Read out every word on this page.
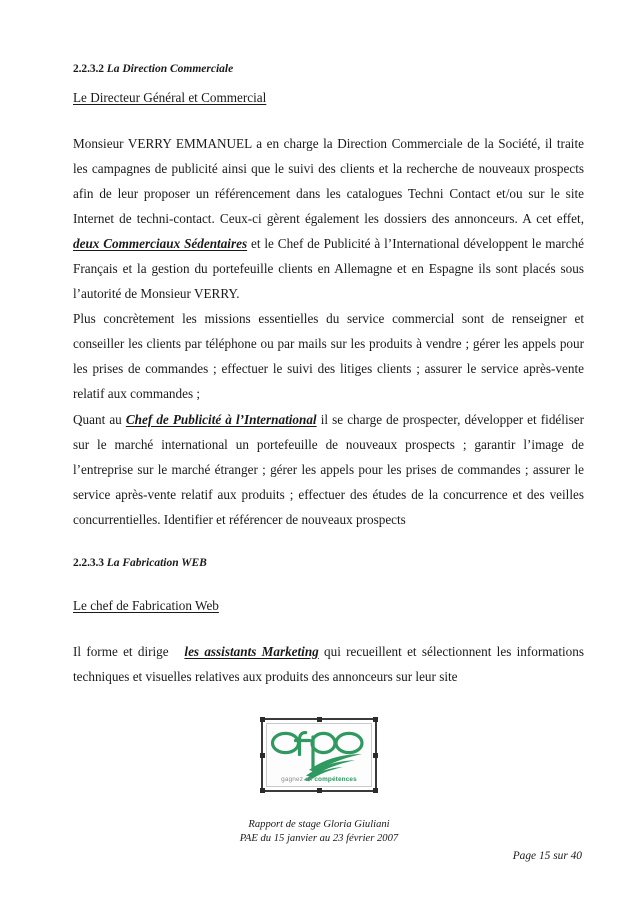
2.2.3.2 La Direction Commerciale
Le Directeur Général et Commercial

Monsieur VERRY EMMANUEL a en charge la Direction Commerciale de la Société, il traite les campagnes de publicité ainsi que le suivi des clients et la recherche de nouveaux prospects afin de leur proposer un référencement dans les catalogues Techni Contact et/ou sur le site Internet de techni-contact. Ceux-ci gèrent également les dossiers des annonceurs. A cet effet, deux Commerciaux Sédentaires et le Chef de Publicité à l’International développent le marché Français et la gestion du portefeuille clients en Allemagne et en Espagne ils sont placés sous l’autorité de Monsieur VERRY.

Plus concrètement les missions essentielles du service commercial sont de renseigner et conseiller les clients par téléphone ou par mails sur les produits à vendre ; gérer les appels pour les prises de commandes ; effectuer le suivi des litiges clients ; assurer le service après-vente relatif aux commandes ;

Quant au Chef de Publicité à l’International il se charge de prospecter, développer et fidéliser sur le marché international un portefeuille de nouveaux prospects ; garantir l’image de l’entreprise sur le marché étranger ; gérer les appels pour les prises de commandes ; assurer le service après-vente relatif aux produits ; effectuer des études de la concurrence et des veilles concurrentielles. Identifier et référencer de nouveaux prospects

2.2.3.3 La Fabrication WEB
Le chef de Fabrication Web

Il forme et dirige   les assistants Marketing qui recueillent et sélectionnent les informations techniques et visuelles relatives aux produits des annonceurs sur leur site

gagnez en compétences
Rapport de stage Gloria Giuliani
PAE du 15 janvier au 23 février 2007
Page 15 sur 40
